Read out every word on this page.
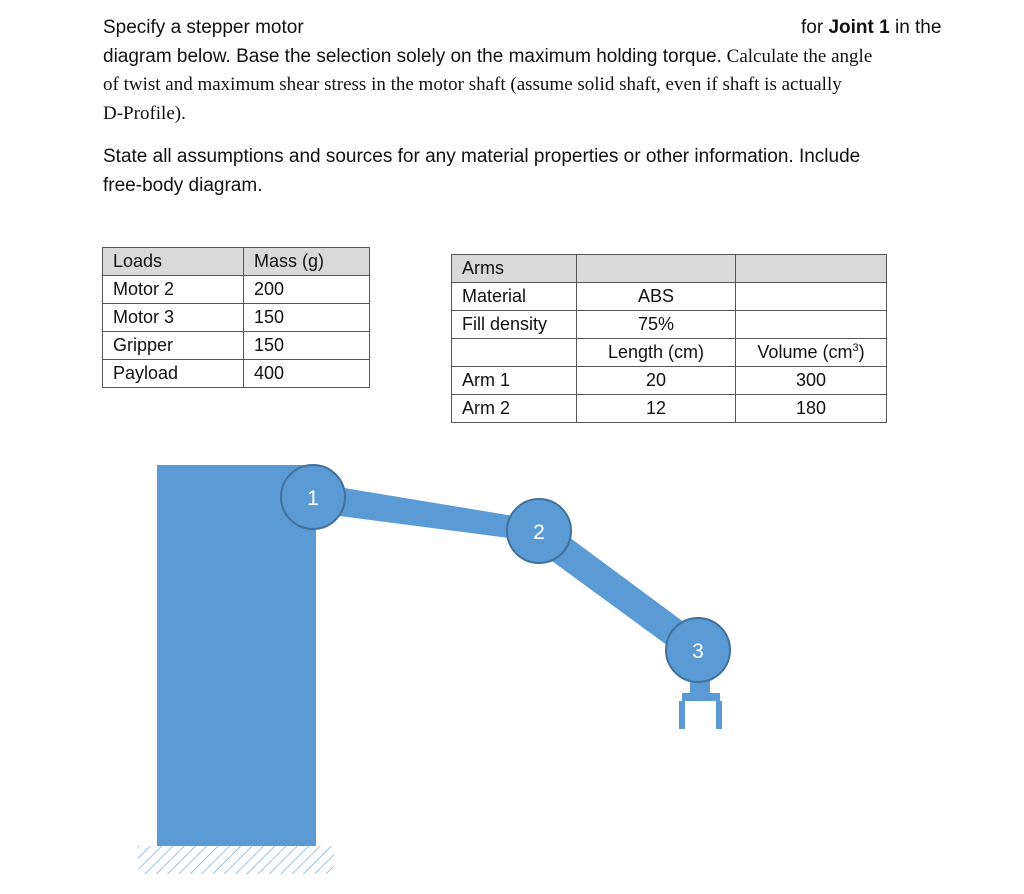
Specify a stepper motor	for Joint 1 in the
diagram below. Base the selection solely on the maximum holding torque. Calculate the angle
of twist and maximum shear stress in the motor shaft (assume solid shaft, even if shaft is actually
D-Profile).
State all assumptions and sources for any material properties or other information. Include
free-body diagram.
Loads	Mass (g)
Motor 2	200
Motor 3	150
Gripper	150
Payload	400
Arms		
Material	ABS	
Fill density	75%	
	Length (cm)	Volume $(cm^3)$
Arm 1	20	300
Arm 2	12	180
1
2
3
